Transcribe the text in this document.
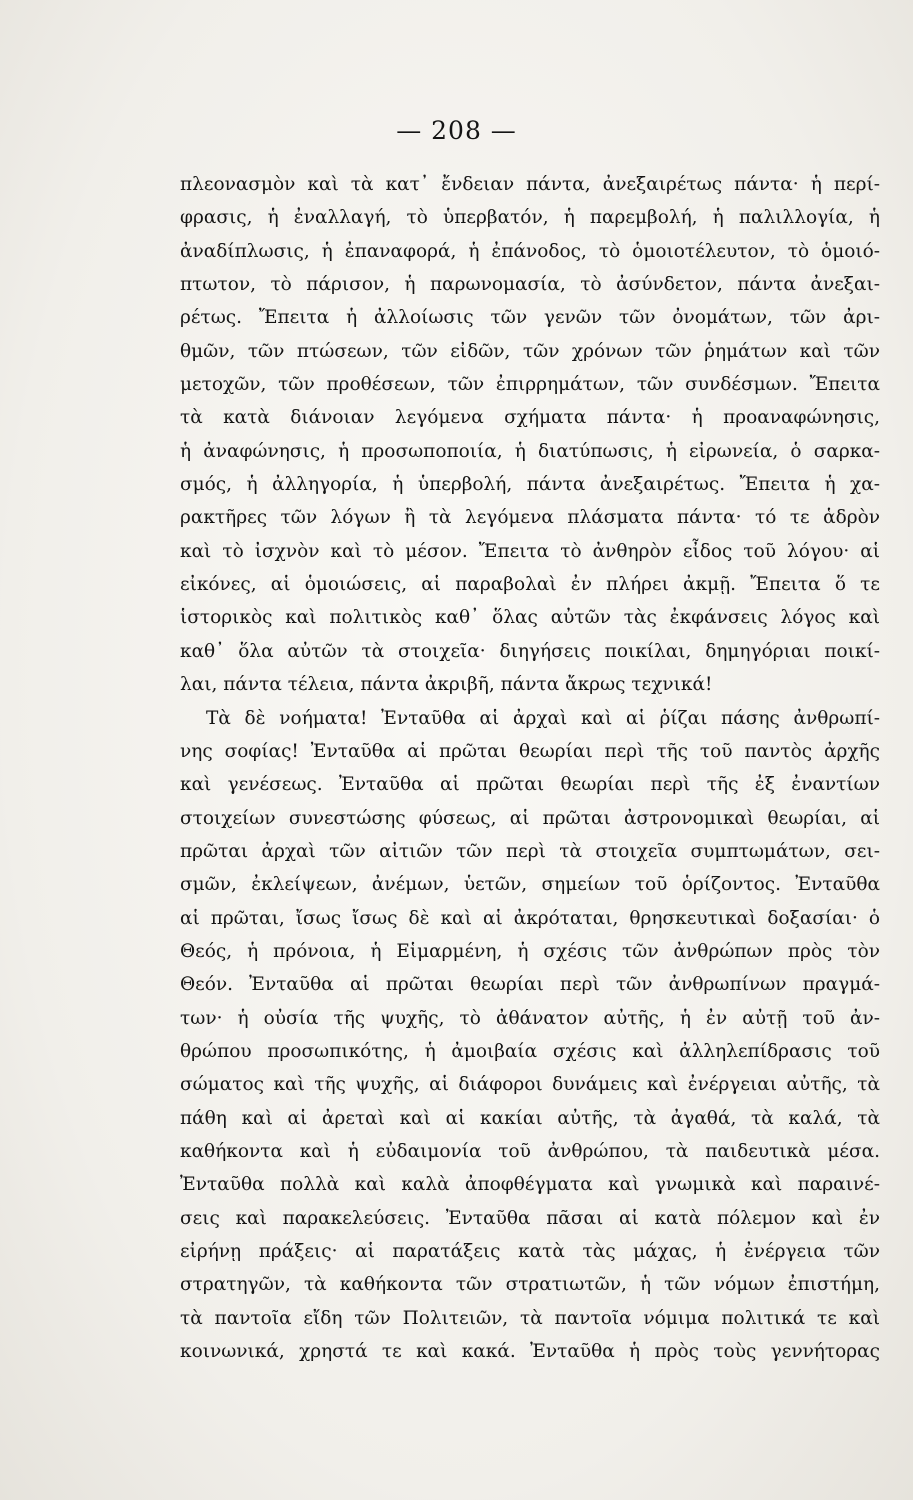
— 208 —
πλεονασμὸν καὶ τὰ κατ᾽ ἔνδειαν πάντα, ἀνεξαιρέτως πάντα· ἡ περί-
φρασις, ἡ ἐναλλαγή, τὸ ὑπερβατόν, ἡ παρεμβολή, ἡ παλιλλογία, ἡ
ἀναδίπλωσις, ἡ ἐπαναφορά, ἡ ἐπάνοδος, τὸ ὁμοιοτέλευτον, τὸ ὁμοιό-
πτωτον, τὸ πάρισον, ἡ παρωνομασία, τὸ ἀσύνδετον, πάντα ἀνεξαι-
ρέτως. Ἔπειτα ἡ ἀλλοίωσις τῶν γενῶν τῶν ὀνομάτων, τῶν ἀρι-
θμῶν, τῶν πτώσεων, τῶν εἰδῶν, τῶν χρόνων τῶν ῥημάτων καὶ τῶν
μετοχῶν, τῶν προθέσεων, τῶν ἐπιρρημάτων, τῶν συνδέσμων. Ἔπειτα
τὰ κατὰ διάνοιαν λεγόμενα σχήματα πάντα· ἡ προαναφώνησις,
ἡ ἀναφώνησις, ἡ προσωποποιία, ἡ διατύπωσις, ἡ εἰρωνεία, ὁ σαρκα-
σμός, ἡ ἀλληγορία, ἡ ὑπερβολή, πάντα ἀνεξαιρέτως. Ἔπειτα ἡ χα-
ρακτῆρες τῶν λόγων ἢ τὰ λεγόμενα πλάσματα πάντα· τό τε ἁδρὸν
καὶ τὸ ἰσχνὸν καὶ τὸ μέσον. Ἔπειτα τὸ ἀνθηρὸν εἶδος τοῦ λόγου· αἱ
εἰκόνες, αἱ ὁμοιώσεις, αἱ παραβολαὶ ἐν πλήρει ἀκμῇ. Ἔπειτα ὅ τε
ἱστορικὸς καὶ πολιτικὸς καθ᾽ ὅλας αὐτῶν τὰς ἐκφάνσεις λόγος καὶ
καθ᾽ ὅλα αὐτῶν τὰ στοιχεῖα· διηγήσεις ποικίλαι, δημηγόριαι ποικί-
λαι, πάντα τέλεια, πάντα ἀκριβῆ, πάντα ἄκρως τεχνικά!
Τὰ δὲ νοήματα! Ἐνταῦθα αἱ ἀρχαὶ καὶ αἱ ῥίζαι πάσης ἀνθρωπί-
νης σοφίας! Ἐνταῦθα αἱ πρῶται θεωρίαι περὶ τῆς τοῦ παντὸς ἀρχῆς
καὶ γενέσεως. Ἐνταῦθα αἱ πρῶται θεωρίαι περὶ τῆς ἐξ ἐναντίων
στοιχείων συνεστώσης φύσεως, αἱ πρῶται ἀστρονομικαὶ θεωρίαι, αἱ
πρῶται ἀρχαὶ τῶν αἰτιῶν τῶν περὶ τὰ στοιχεῖα συμπτωμάτων, σει-
σμῶν, ἐκλείψεων, ἀνέμων, ὑετῶν, σημείων τοῦ ὁρίζοντος. Ἐνταῦθα
αἱ πρῶται, ἴσως ἴσως δὲ καὶ αἱ ἀκρόταται, θρησκευτικαὶ δοξασίαι· ὁ
Θεός, ἡ πρόνοια, ἡ Εἱμαρμένη, ἡ σχέσις τῶν ἀνθρώπων πρὸς τὸν
Θεόν. Ἐνταῦθα αἱ πρῶται θεωρίαι περὶ τῶν ἀνθρωπίνων πραγμά-
των· ἡ οὐσία τῆς ψυχῆς, τὸ ἀθάνατον αὐτῆς, ἡ ἐν αὐτῇ τοῦ ἀν-
θρώπου προσωπικότης, ἡ ἀμοιβαία σχέσις καὶ ἀλληλεπίδρασις τοῦ
σώματος καὶ τῆς ψυχῆς, αἱ διάφοροι δυνάμεις καὶ ἐνέργειαι αὐτῆς, τὰ
πάθη καὶ αἱ ἀρεταὶ καὶ αἱ κακίαι αὐτῆς, τὰ ἀγαθά, τὰ καλά, τὰ
καθήκοντα καὶ ἡ εὐδαιμονία τοῦ ἀνθρώπου, τὰ παιδευτικὰ μέσα.
Ἐνταῦθα πολλὰ καὶ καλὰ ἀποφθέγματα καὶ γνωμικὰ καὶ παραινέ-
σεις καὶ παρακελεύσεις. Ἐνταῦθα πᾶσαι αἱ κατὰ πόλεμον καὶ ἐν
εἰρήνῃ πράξεις· αἱ παρατάξεις κατὰ τὰς μάχας, ἡ ἐνέργεια τῶν
στρατηγῶν, τὰ καθήκοντα τῶν στρατιωτῶν, ἡ τῶν νόμων ἐπιστήμη,
τὰ παντοῖα εἴδη τῶν Πολιτειῶν, τὰ παντοῖα νόμιμα πολιτικά τε καὶ
κοινωνικά, χρηστά τε καὶ κακά. Ἐνταῦθα ἡ πρὸς τοὺς γεννήτορας
